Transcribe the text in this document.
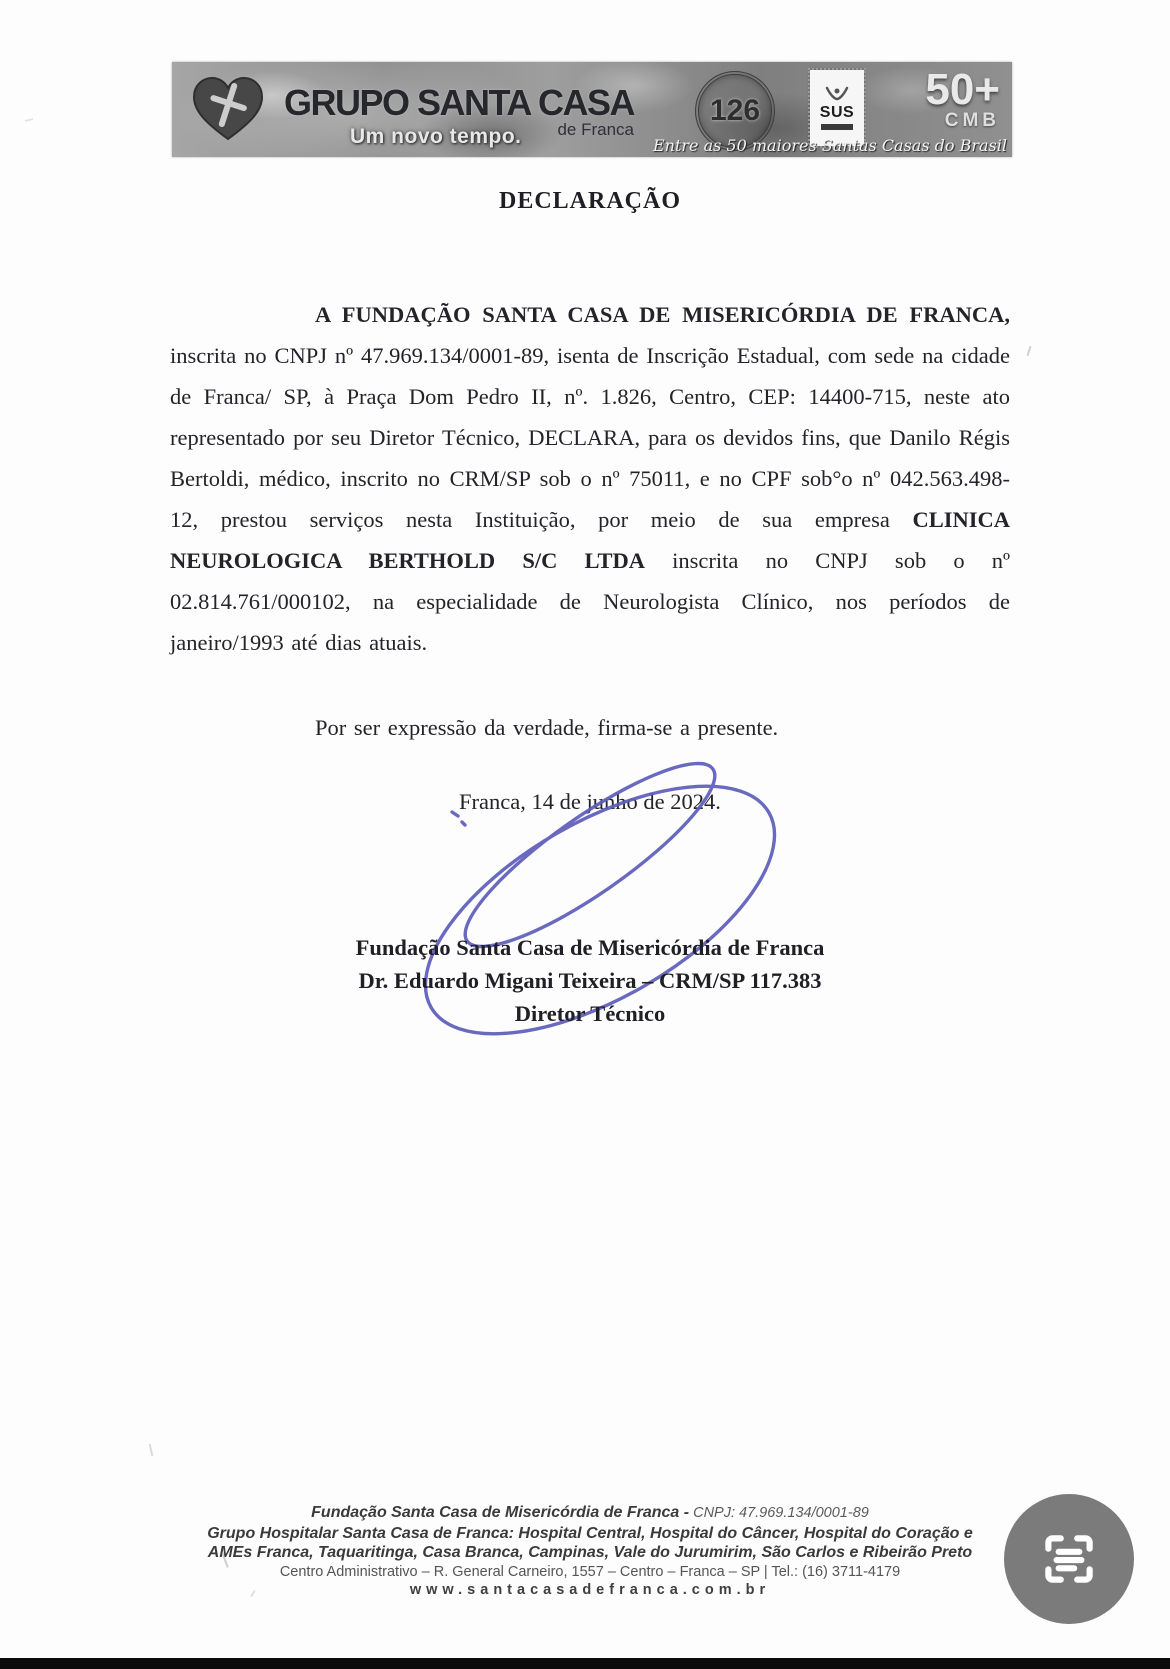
GRUPO SANTA CASA
de Franca
Um novo tempo.
126	SUS	50+
CMB
Entre as 50 maiores Santas Casas do Brasil
DECLARAÇÃO

A FUNDAÇÃO SANTA CASA DE MISERICÓRDIA DE FRANCA, inscrita no CNPJ nº 47.969.134/0001-89, isenta de Inscrição Estadual, com sede na cidade de Franca/ SP, à Praça Dom Pedro II, nº. 1.826, Centro, CEP: 14400-715, neste ato representado por seu Diretor Técnico, DECLARA, para os devidos fins, que Danilo Régis Bertoldi, médico, inscrito no CRM/SP sob o nº 75011, e no CPF sob°o nº 042.563.498-12, prestou serviços nesta Instituição, por meio de sua empresa CLINICA NEUROLOGICA BERTHOLD S/C LTDA inscrita no CNPJ sob o nº 02.814.761/000102, na especialidade de Neurologista Clínico, nos períodos de janeiro/1993 até dias atuais.

Por ser expressão da verdade, firma-se a presente.

Franca, 14 de junho de 2024.

Fundação Santa Casa de Misericórdia de Franca
Dr. Eduardo Migani Teixeira – CRM/SP 117.383
Diretor Técnico
Fundação Santa Casa de Misericórdia de Franca - CNPJ: 47.969.134/0001-89
Grupo Hospitalar Santa Casa de Franca: Hospital Central, Hospital do Câncer, Hospital do Coração e
AMEs Franca, Taquaritinga, Casa Branca, Campinas, Vale do Jurumirim, São Carlos e Ribeirão Preto
Centro Administrativo – R. General Carneiro, 1557 – Centro – Franca – SP | Tel.: (16) 3711-4179
www.santacasadefranca.com.br
